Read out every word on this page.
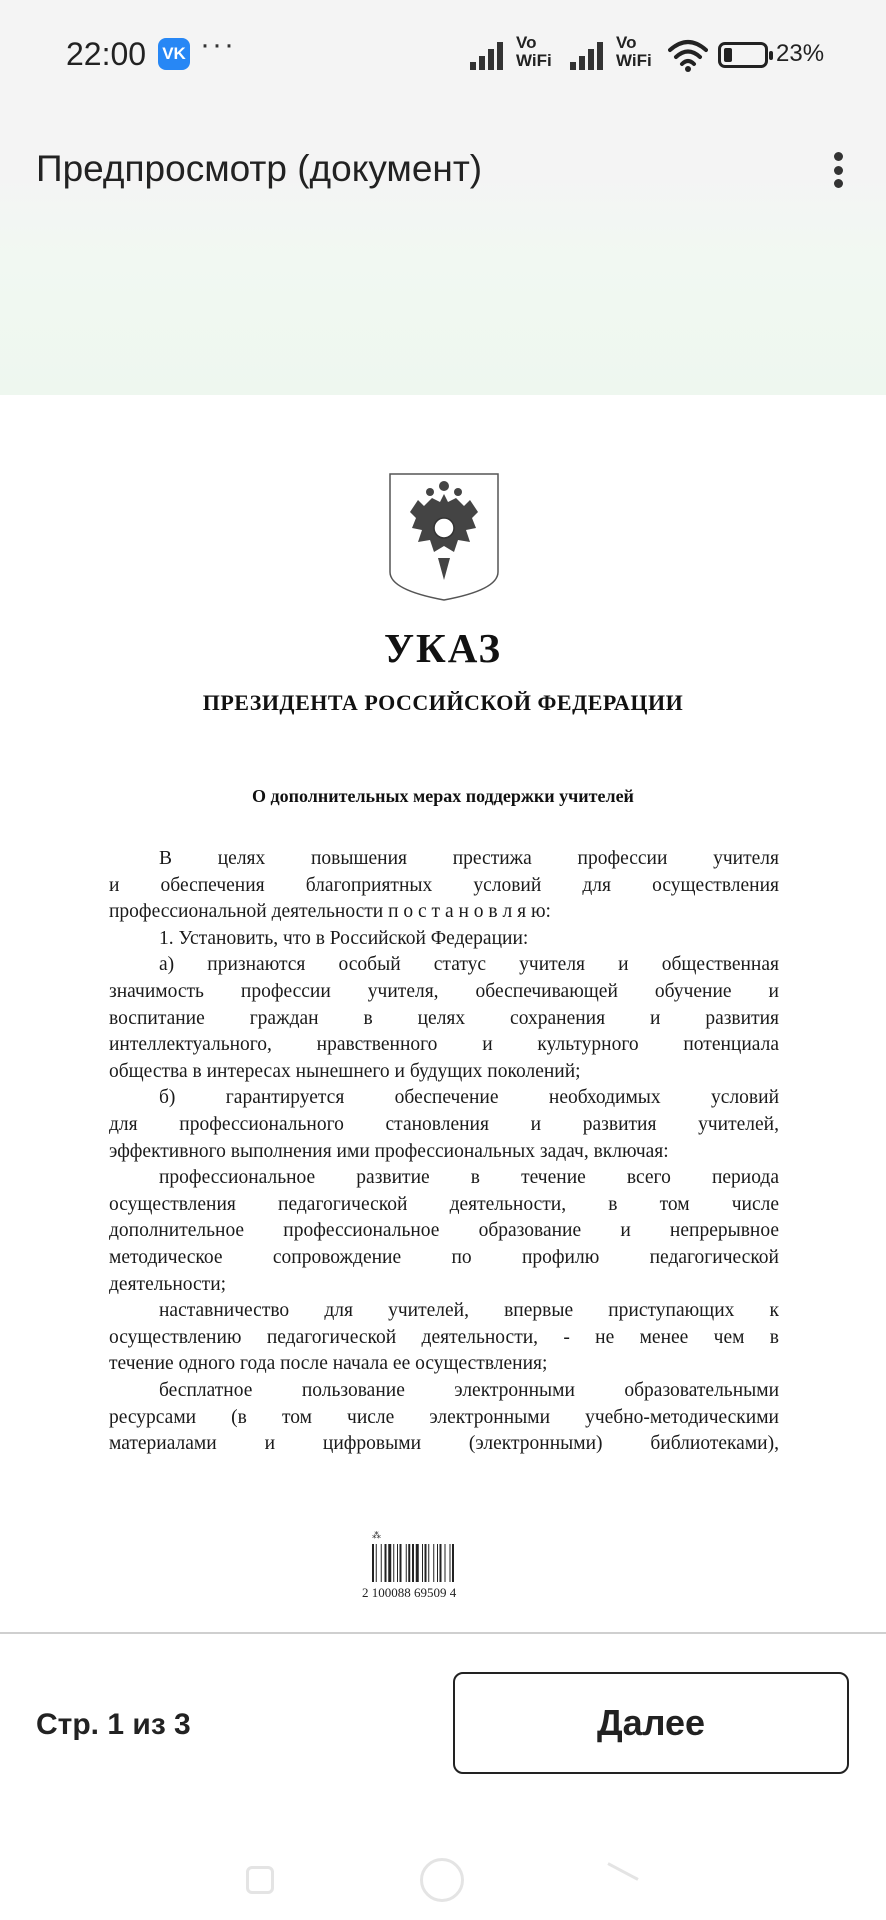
22:00 VK ···	Vo
WiFi
Vo
WiFi	23%
Предпросмотр (документ)
УКАЗ
ПРЕЗИДЕНТА РОССИЙСКОЙ ФЕДЕРАЦИИ
О дополнительных мерах поддержки учителей
В целях повышения престижа профессии учителя
и обеспечения благоприятных условий для осуществления
профессиональной деятельности п о с т а н о в л я ю:
1. Установить, что в Российской Федерации:
а) признаются особый статус учителя и общественная
значимость профессии учителя, обеспечивающей обучение и
воспитание граждан в целях сохранения и развития
интеллектуального, нравственного и культурного потенциала
общества в интересах нынешнего и будущих поколений;
б) гарантируется обеспечение необходимых условий
для профессионального становления и развития учителей,
эффективного выполнения ими профессиональных задач, включая:
профессиональное развитие в течение всего периода
осуществления педагогической деятельности, в том числе
дополнительное профессиональное образование и непрерывное
методическое сопровождение по профилю педагогической
деятельности;
наставничество для учителей, впервые приступающих к
осуществлению педагогической деятельности, - не менее чем в
течение одного года после начала ее осуществления;
бесплатное пользование электронными образовательными
ресурсами (в том числе электронными учебно-методическими
материалами и цифровыми (электронными) библиотеками),
⁂
2 100088 69509 4
Стр. 1 из 3	Далее
